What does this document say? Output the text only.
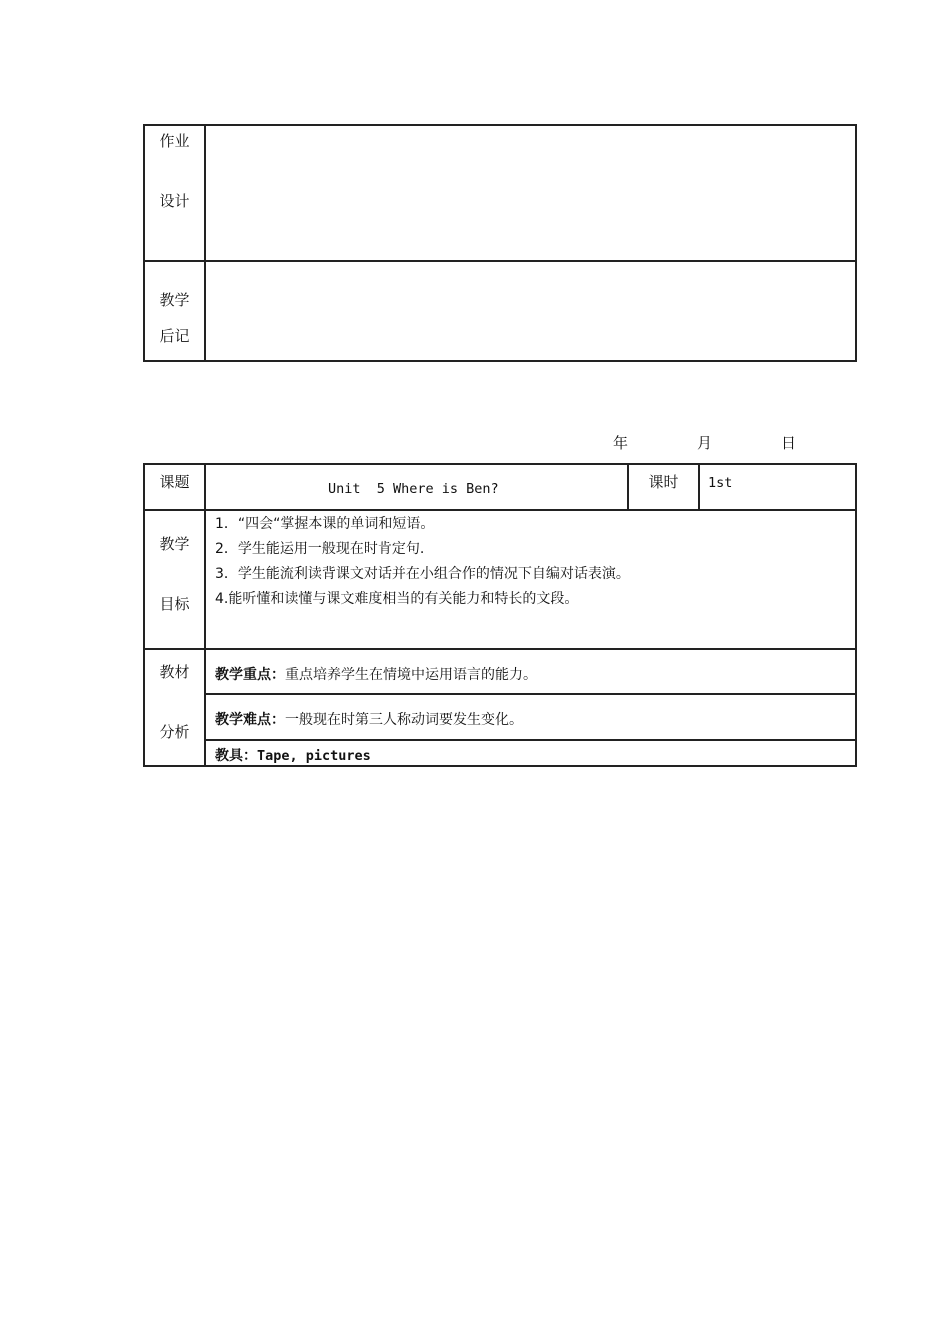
作业
设计	

教学
后记	

年	月	日
课题	Unit  5 Where is Ben?	课时	1st

教学
目标	1．“四会“掌握本课的单词和短语。
2．学生能运用一般现在时肯定句.
3．学生能流利读背课文对话并在小组合作的情况下自编对话表演。
4.能听懂和读懂与课文难度相当的有关能力和特长的文段。		

教材
分析	教学重点：重点培养学生在情境中运用语言的能力。		

	教学难点：一般现在时第三人称动词要发生变化。		

	教具：Tape, pictures		
